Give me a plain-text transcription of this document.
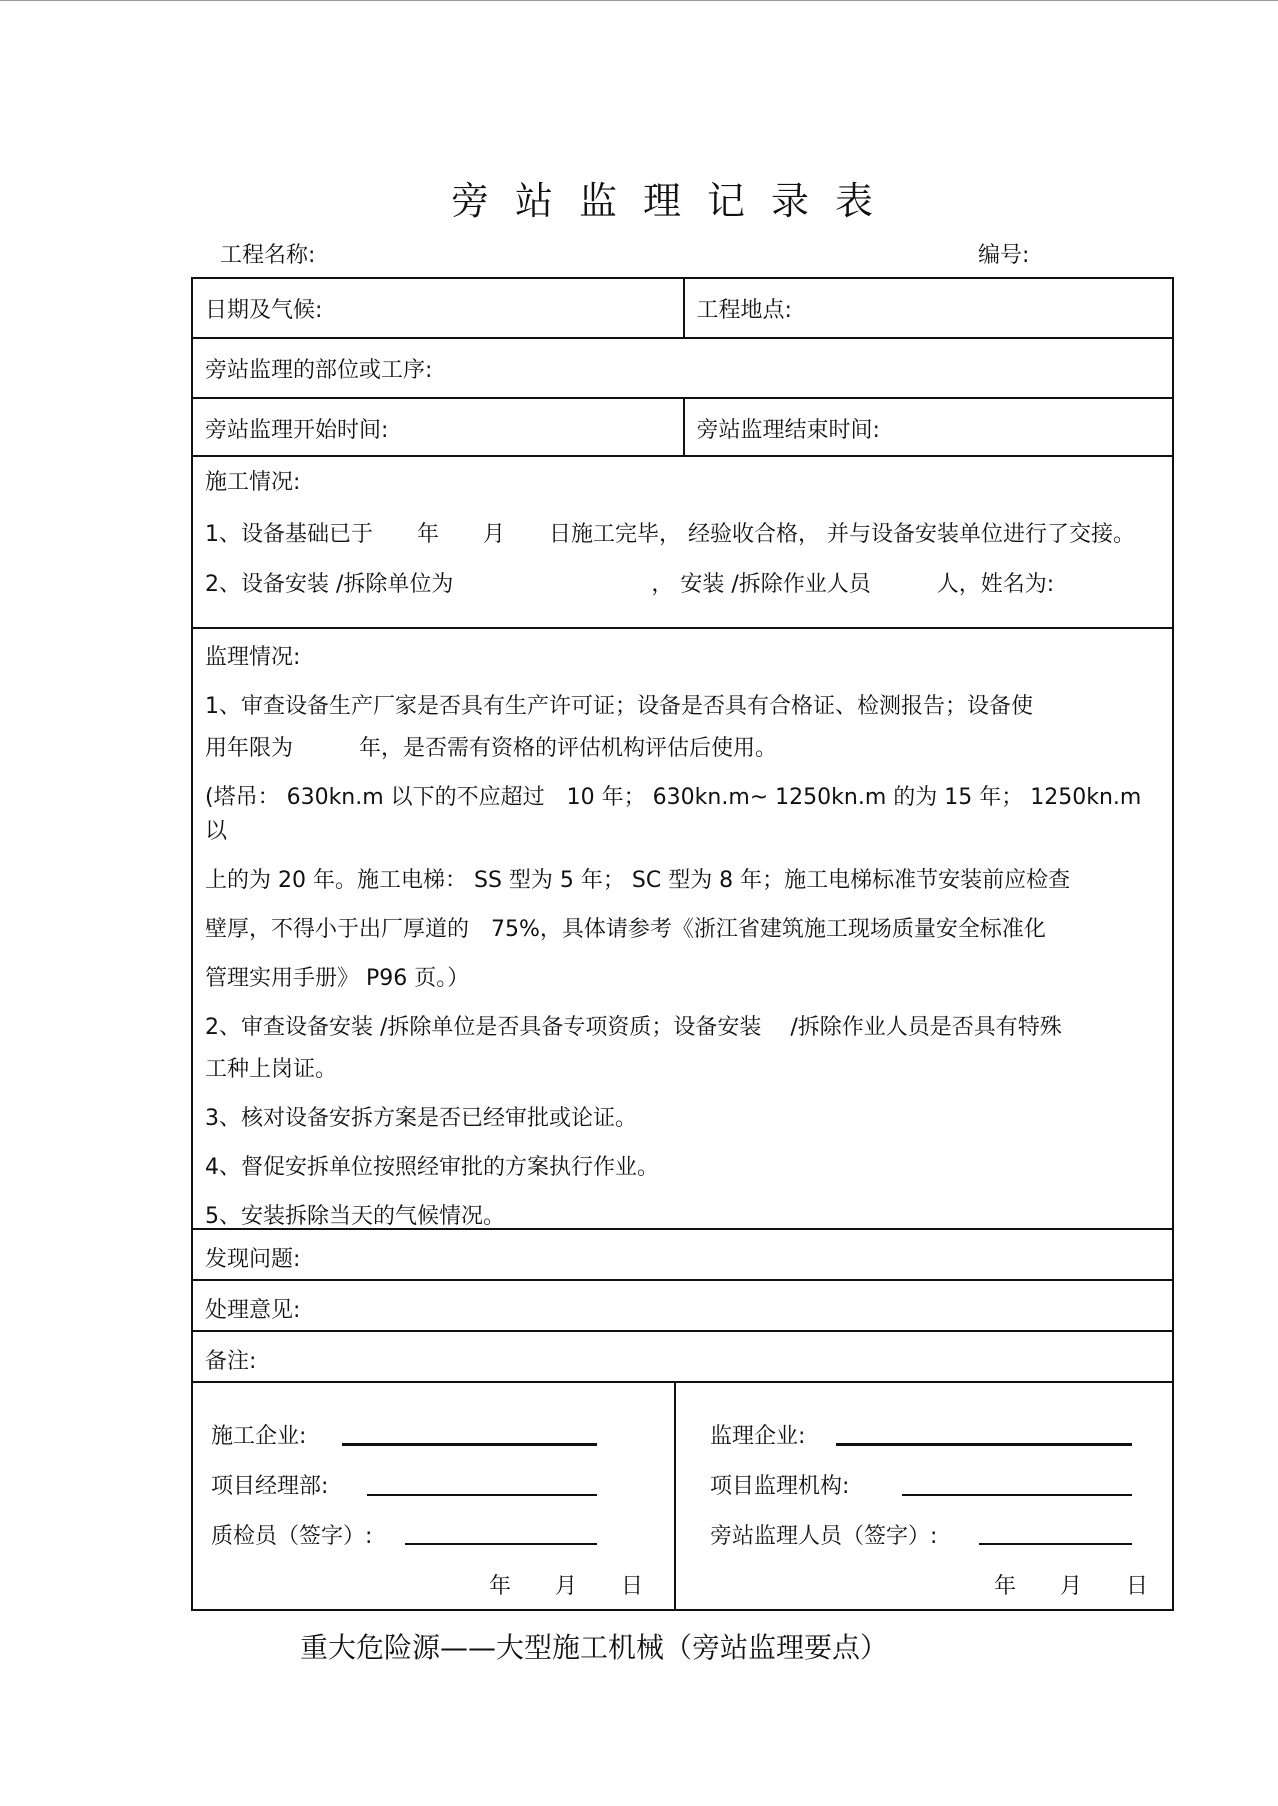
旁站监理记录表
工程名称:	编号:
日期及气候:	工程地点:
旁站监理的部位或工序:
旁站监理开始时间:	旁站监理结束时间:
施工情况:
1、设备基础已于　　年　　月　　日施工完毕， 经验收合格， 并与设备安装单位进行了交接。
2、设备安装 /拆除单位为　　　　　　　　　， 安装 /拆除作业人员　　　人，姓名为:
监理情况:
1、审查设备生产厂家是否具有生产许可证；设备是否具有合格证、检测报告；设备使
用年限为　　　年，是否需有资格的评估机构评估后使用。
(塔吊： 630kn.m 以下的不应超过　10 年； 630kn.m~ 1250kn.m 的为 15 年； 1250kn.m 以
上的为 20 年。施工电梯： SS 型为 5 年； SC 型为 8 年；施工电梯标准节安装前应检查
壁厚，不得小于出厂厚道的　75%，具体请参考《浙江省建筑施工现场质量安全标准化
管理实用手册》 P96 页。）
2、审查设备安装 /拆除单位是否具备专项资质；设备安装　 /拆除作业人员是否具有特殊
工种上岗证。
3、核对设备安拆方案是否已经审批或论证。
4、督促安拆单位按照经审批的方案执行作业。
5、安装拆除当天的气候情况。
发现问题:
处理意见:
备注:
施工企业:
项目经理部:
质检员（签字）:
年　　月　　日
监理企业:
项目监理机构:
旁站监理人员（签字）:
年　　月　　日
重大危险源——大型施工机械（旁站监理要点）
